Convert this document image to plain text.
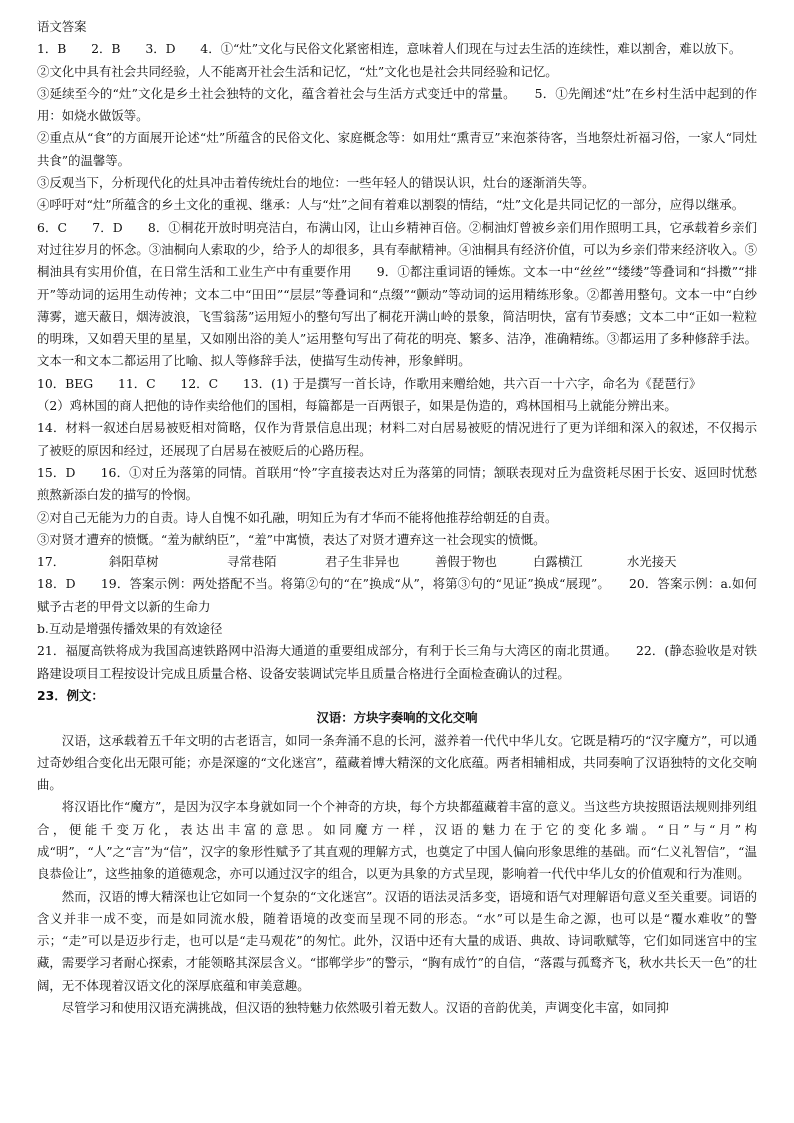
语文答案

1．B　　2．B　　3．D　　4．①“灶”文化与民俗文化紧密相连，意味着人们现在与过去生活的连续性，难以割舍，难以放下。

②文化中具有社会共同经验，人不能离开社会生活和记忆，“灶”文化也是社会共同经验和记忆。

③延续至今的“灶”文化是乡土社会独特的文化，蕴含着社会与生活方式变迁中的常量。　　5．①先阐述“灶”在乡村生活中起到的作用：如烧水做饭等。

②重点从“食”的方面展开论述“灶”所蕴含的民俗文化、家庭概念等：如用灶“熏青豆”来泡茶待客，当地祭灶祈福习俗，一家人“同灶共食”的温馨等。

③反观当下，分析现代化的灶具冲击着传统灶台的地位：一些年轻人的错误认识，灶台的逐渐消失等。

④呼吁对“灶”所蕴含的乡土文化的重视、继承：人与“灶”之间有着难以割裂的情结，“灶”文化是共同记忆的一部分，应得以继承。

6．C　　7．D　　8．①桐花开放时明亮洁白，布满山冈，让山乡精神百倍。②桐油灯曾被乡亲们用作照明工具，它承载着乡亲们对过往岁月的怀念。③油桐向人索取的少，给予人的却很多，具有奉献精神。④油桐具有经济价值，可以为乡亲们带来经济收入。⑤桐油具有实用价值，在日常生活和工业生产中有重要作用　　9．①都注重词语的锤炼。文本一中“丝丝”“缕缕”等叠词和“抖擞”“排开”等动词的运用生动传神；文本二中“田田”“层层”等叠词和“点缀”“颤动”等动词的运用精练形象。②都善用整句。文本一中“白纱薄雾，遮天蔽日，烟涛波浪，飞雪翁荡”运用短小的整句写出了桐花开满山岭的景象，简洁明快，富有节奏感；文本二中“正如一粒粒的明珠，又如碧天里的星星，又如刚出浴的美人”运用整句写出了荷花的明亮、繁多、洁净，准确精练。③都运用了多种修辞手法。文本一和文本二都运用了比喻、拟人等修辞手法，使描写生动传神，形象鲜明。

10．BEG　　11．C　　12．C　　13．(1) 于是撰写一首长诗，作歌用来赠给她，共六百一十六字，命名为《琵琶行》

（2）鸡林国的商人把他的诗作卖给他们的国相，每篇都是一百两银子，如果是伪造的，鸡林国相马上就能分辨出来。

14．材料一叙述白居易被贬相对简略，仅作为背景信息出现；材料二对白居易被贬的情况进行了更为详细和深入的叙述，不仅揭示了被贬的原因和经过，还展现了白居易在被贬后的心路历程。

15．D　　16．①对丘为落第的同情。首联用“怜”字直接表达对丘为落第的同情；颔联表现对丘为盘资耗尽困于长安、返回时忧愁煎熬新添白发的描写的怜悯。

②对自己无能为力的自责。诗人自愧不如孔融，明知丘为有才华而不能将他推荐给朝廷的自责。

③对贤才遭弃的愤慨。“羞为献纳臣”，“羞”中寓愤，表达了对贤才遭弃这一社会现实的愤慨。

17．	斜阳草树	寻常巷陌	君子生非异也	善假于物也	白露横江	水光接天

18．D　　19．答案示例：两处搭配不当。将第②句的“在”换成“从”，将第③句的“见证”换成“展现”。　　20．答案示例：a.如何赋予古老的甲骨文以新的生命力

b.互动是增强传播效果的有效途径

21．福厦高铁将成为我国高速铁路网中沿海大通道的重要组成部分，有利于长三角与大湾区的南北贯通。　　22．(静态验收是对铁路建设项目工程按设计完成且质量合格、设备安装调试完毕且质量合格进行全面检查确认的过程。

23．例文：

汉语：方块字奏响的文化交响

汉语，这承载着五千年文明的古老语言，如同一条奔涌不息的长河，滋养着一代代中华儿女。它既是精巧的“汉字魔方”，可以通过奇妙组合变化出无限可能；亦是深邃的“文化迷宫”，蕴藏着博大精深的文化底蕴。两者相辅相成，共同奏响了汉语独特的文化交响曲。

将汉语比作“魔方”，是因为汉字本身就如同一个个神奇的方块，每个方块都蕴藏着丰富的意义。当这些方块按照语法规则排列组合，便能千变万化，表达出丰富的意思。如同魔方一样，汉语的魅力在于它的变化多端。“日”与“月”构成“明”，“人”之“言”为“信”，汉字的象形性赋予了其直观的理解方式，也奠定了中国人偏向形象思维的基础。而“仁义礼智信”，“温良恭俭让”，这些抽象的道德观念，亦可以通过汉字的组合，以更为具象的方式呈现，影响着一代代中华儿女的价值观和行为准则。

然而，汉语的博大精深也让它如同一个复杂的“文化迷宫”。汉语的语法灵活多变，语境和语气对理解语句意义至关重要。词语的含义并非一成不变，而是如同流水般，随着语境的改变而呈现不同的形态。“水”可以是生命之源，也可以是“覆水难收”的警示；“走”可以是迈步行走，也可以是“走马观花”的匆忙。此外，汉语中还有大量的成语、典故、诗词歌赋等，它们如同迷宫中的宝藏，需要学习者耐心探索，才能领略其深层含义。“邯郸学步”的警示，“胸有成竹”的自信，“落霞与孤鹜齐飞，秋水共长天一色”的壮阔，无不体现着汉语文化的深厚底蕴和审美意趣。

尽管学习和使用汉语充满挑战，但汉语的独特魅力依然吸引着无数人。汉语的音韵优美，声调变化丰富，如同抑
